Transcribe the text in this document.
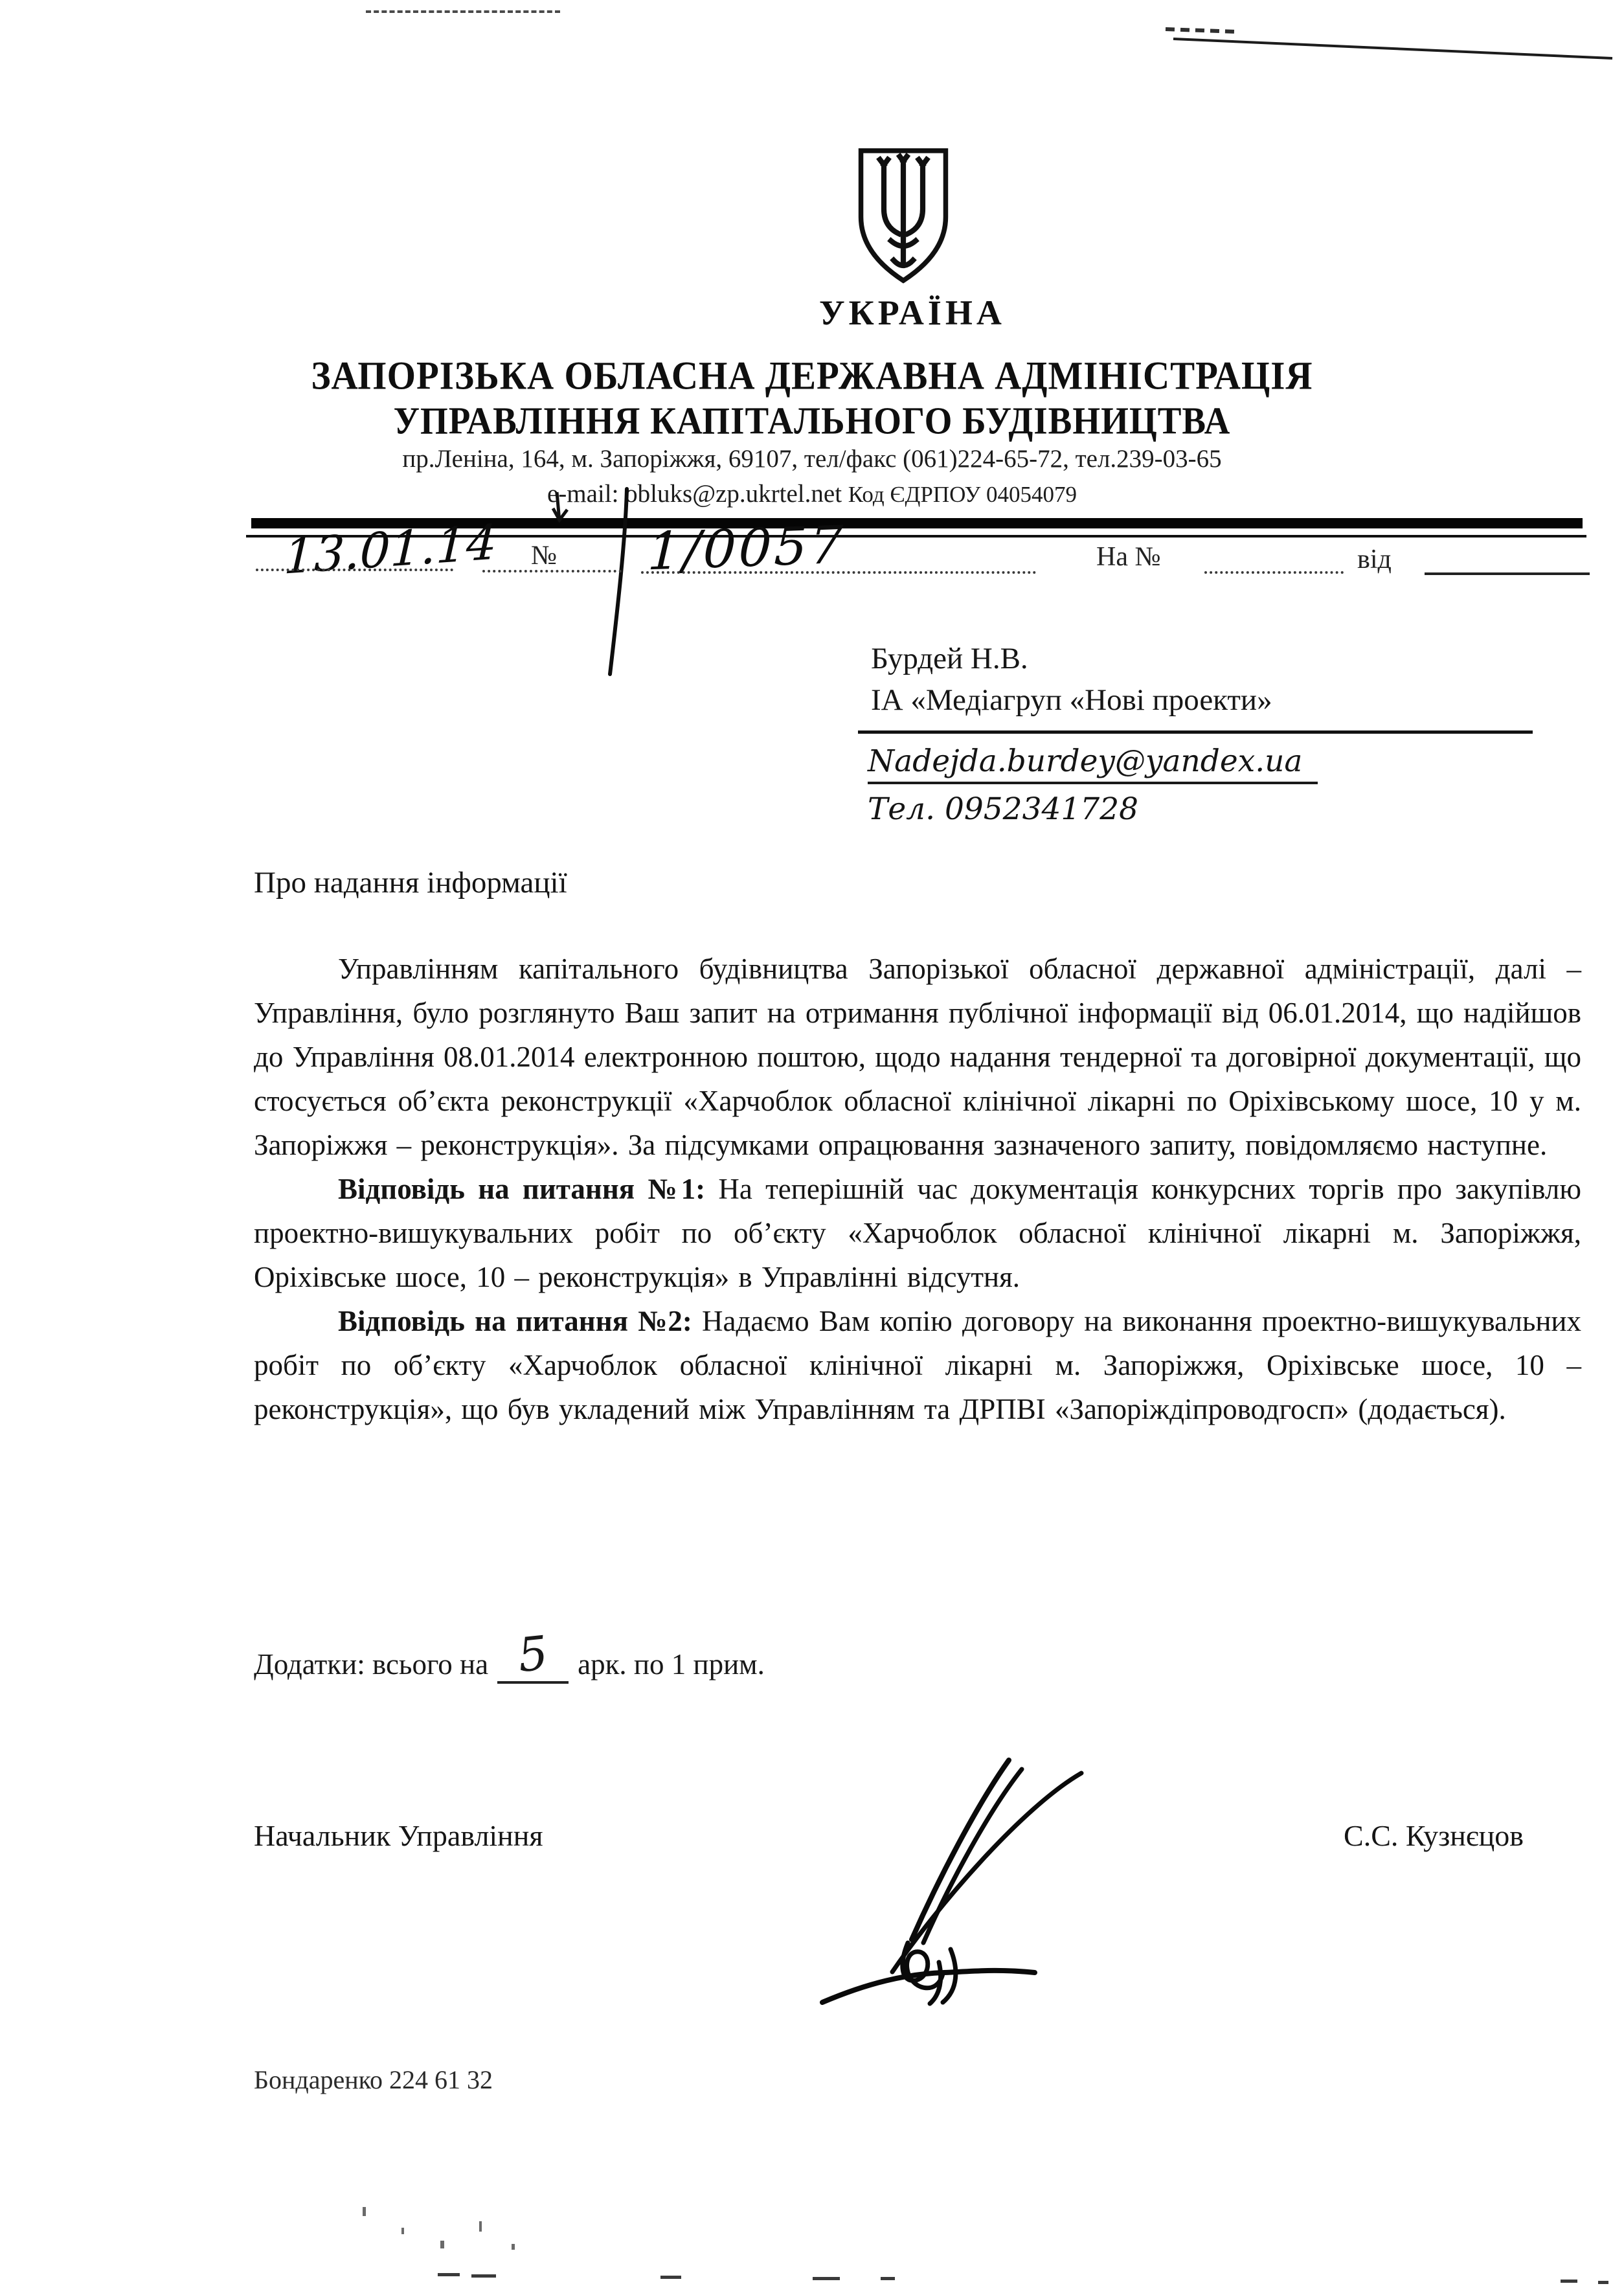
УКРАЇНА
ЗАПОРІЗЬКА ОБЛАСНА ДЕРЖАВНА АДМІНІСТРАЦІЯ
УПРАВЛІННЯ КАПІТАЛЬНОГО БУДІВНИЦТВА
пр.Леніна, 164, м. Запоріжжя, 69107, тел/факс (061)224-65-72, тел.239-03-65
e-mail: obluks@zp.ukrtel.net Код ЄДРПОУ 04054079
13.01.14 № 1/0057	На №	від
Бурдей Н.В.
ІА «Медіагруп «Нові проекти»
Nadejda.burdey@yandex.ua
Тел. 0952341728
Про надання інформації

Управлінням капітального будівництва Запорізької обласної державної адміністрації, далі – Управління, було розглянуто Ваш запит на отримання публічної інформації від 06.01.2014, що надійшов до Управління 08.01.2014 електронною поштою, щодо надання тендерної та договірної документації, що стосується об’єкта реконструкції «Харчоблок обласної клінічної лікарні по Оріхівському шосе, 10 у м. Запоріжжя – реконструкція». За підсумками опрацювання зазначеного запиту, повідомляємо наступне.

Відповідь на питання №1: На теперішній час документація конкурсних торгів про закупівлю проектно-вишукувальних робіт по об’єкту «Харчоблок обласної клінічної лікарні м. Запоріжжя, Оріхівське шосе, 10 – реконструкція» в Управлінні відсутня.

Відповідь на питання №2: Надаємо Вам копію договору на виконання проектно-вишукувальних робіт по об’єкту «Харчоблок обласної клінічної лікарні м. Запоріжжя, Оріхівське шосе, 10 – реконструкція», що був укладений між Управлінням та ДРПВІ «Запоріждіпроводгосп» (додається).

Додатки: всього на 5 арк. по 1 прим.
Начальник Управління	С.С. Кузнєцов
Бондаренко 224 61 32
